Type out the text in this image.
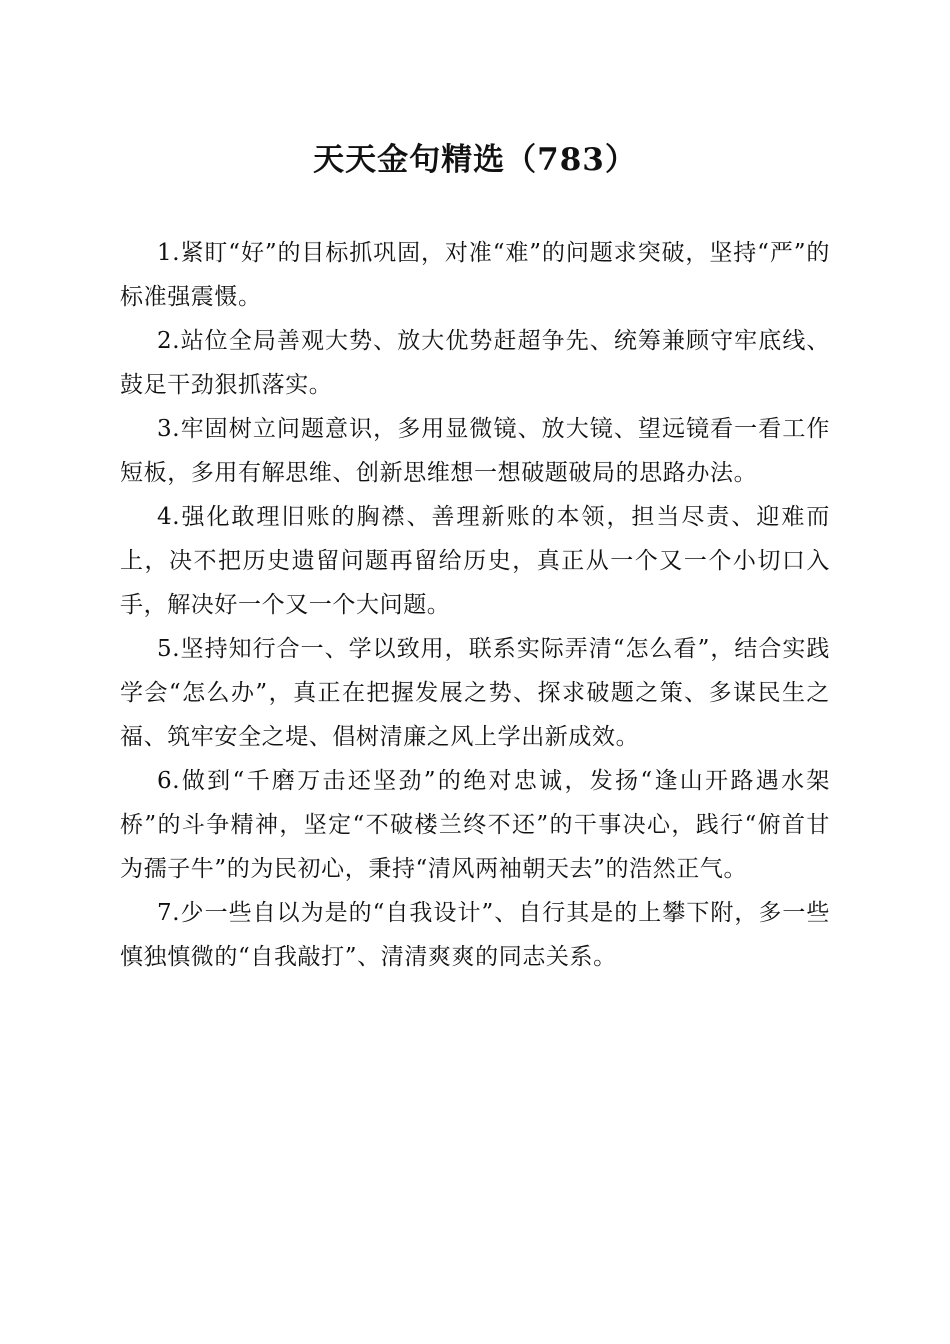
天天金句精选（783）

1.紧盯“好”的目标抓巩固，对准“难”的问题求突破，坚持“严”的标准强震慑。

2.站位全局善观大势、放大优势赶超争先、统筹兼顾守牢底线、鼓足干劲狠抓落实。

3.牢固树立问题意识，多用显微镜、放大镜、望远镜看一看工作短板，多用有解思维、创新思维想一想破题破局的思路办法。

4.强化敢理旧账的胸襟、善理新账的本领，担当尽责、迎难而上，决不把历史遗留问题再留给历史，真正从一个又一个小切口入手，解决好一个又一个大问题。

5.坚持知行合一、学以致用，联系实际弄清“怎么看”，结合实践学会“怎么办”，真正在把握发展之势、探求破题之策、多谋民生之福、筑牢安全之堤、倡树清廉之风上学出新成效。

6.做到“千磨万击还坚劲”的绝对忠诚，发扬“逢山开路遇水架桥”的斗争精神，坚定“不破楼兰终不还”的干事决心，践行“俯首甘为孺子牛”的为民初心，秉持“清风两袖朝天去”的浩然正气。

7.少一些自以为是的“自我设计”、自行其是的上攀下附，多一些慎独慎微的“自我敲打”、清清爽爽的同志关系。
